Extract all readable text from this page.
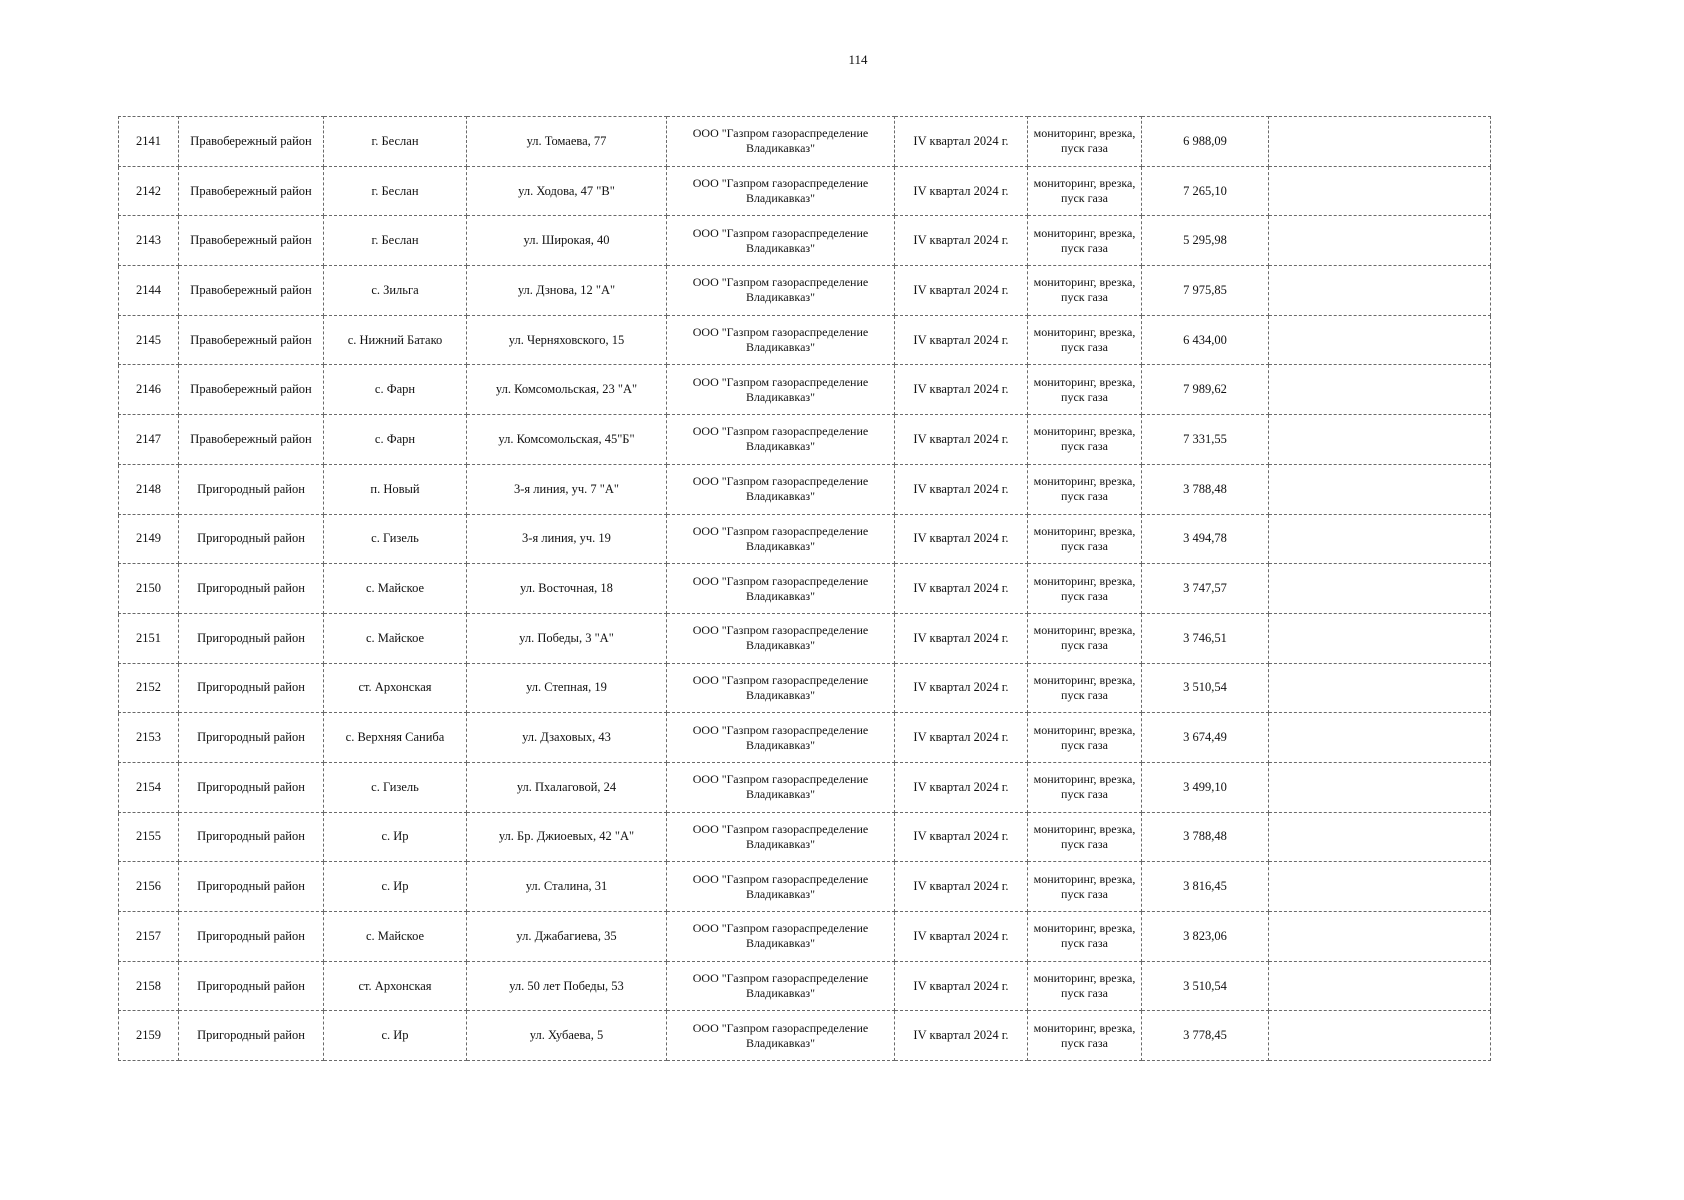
114
2141	Правобережный район	г. Беслан	ул. Томаева, 77	ООО "Газпром газораспределение Владикавказ"	IV квартал 2024 г.	мониторинг, врезка, пуск газа	6 988,09	
2142	Правобережный район	г. Беслан	ул. Ходова, 47 "В"	ООО "Газпром газораспределение Владикавказ"	IV квартал 2024 г.	мониторинг, врезка, пуск газа	7 265,10	
2143	Правобережный район	г. Беслан	ул. Широкая, 40	ООО "Газпром газораспределение Владикавказ"	IV квартал 2024 г.	мониторинг, врезка, пуск газа	5 295,98	
2144	Правобережный район	с. Зильга	ул. Дзнова, 12 "А"	ООО "Газпром газораспределение Владикавказ"	IV квартал 2024 г.	мониторинг, врезка, пуск газа	7 975,85	
2145	Правобережный район	с. Нижний Батако	ул. Черняховского, 15	ООО "Газпром газораспределение Владикавказ"	IV квартал 2024 г.	мониторинг, врезка, пуск газа	6 434,00	
2146	Правобережный район	с. Фарн	ул. Комсомольская, 23 "А"	ООО "Газпром газораспределение Владикавказ"	IV квартал 2024 г.	мониторинг, врезка, пуск газа	7 989,62	
2147	Правобережный район	с. Фарн	ул. Комсомольская, 45"Б"	ООО "Газпром газораспределение Владикавказ"	IV квартал 2024 г.	мониторинг, врезка, пуск газа	7 331,55	
2148	Пригородный район	п. Новый	3-я линия, уч. 7 "А"	ООО "Газпром газораспределение Владикавказ"	IV квартал 2024 г.	мониторинг, врезка, пуск газа	3 788,48	
2149	Пригородный район	с. Гизель	3-я линия, уч. 19	ООО "Газпром газораспределение Владикавказ"	IV квартал 2024 г.	мониторинг, врезка, пуск газа	3 494,78	
2150	Пригородный район	с. Майское	ул. Восточная, 18	ООО "Газпром газораспределение Владикавказ"	IV квартал 2024 г.	мониторинг, врезка, пуск газа	3 747,57	
2151	Пригородный район	с. Майское	ул. Победы, 3 "А"	ООО "Газпром газораспределение Владикавказ"	IV квартал 2024 г.	мониторинг, врезка, пуск газа	3 746,51	
2152	Пригородный район	ст. Архонская	ул. Степная, 19	ООО "Газпром газораспределение Владикавказ"	IV квартал 2024 г.	мониторинг, врезка, пуск газа	3 510,54	
2153	Пригородный район	с. Верхняя Саниба	ул. Дзаховых, 43	ООО "Газпром газораспределение Владикавказ"	IV квартал 2024 г.	мониторинг, врезка, пуск газа	3 674,49	
2154	Пригородный район	с. Гизель	ул. Пхалаговой, 24	ООО "Газпром газораспределение Владикавказ"	IV квартал 2024 г.	мониторинг, врезка, пуск газа	3 499,10	
2155	Пригородный район	с. Ир	ул. Бр. Джиоевых, 42 "А"	ООО "Газпром газораспределение Владикавказ"	IV квартал 2024 г.	мониторинг, врезка, пуск газа	3 788,48	
2156	Пригородный район	с. Ир	ул. Сталина, 31	ООО "Газпром газораспределение Владикавказ"	IV квартал 2024 г.	мониторинг, врезка, пуск газа	3 816,45	
2157	Пригородный район	с. Майское	ул. Джабагиева, 35	ООО "Газпром газораспределение Владикавказ"	IV квартал 2024 г.	мониторинг, врезка, пуск газа	3 823,06	
2158	Пригородный район	ст. Архонская	ул. 50 лет Победы, 53	ООО "Газпром газораспределение Владикавказ"	IV квартал 2024 г.	мониторинг, врезка, пуск газа	3 510,54	
2159	Пригородный район	с. Ир	ул. Хубаева, 5	ООО "Газпром газораспределение Владикавказ"	IV квартал 2024 г.	мониторинг, врезка, пуск газа	3 778,45	
